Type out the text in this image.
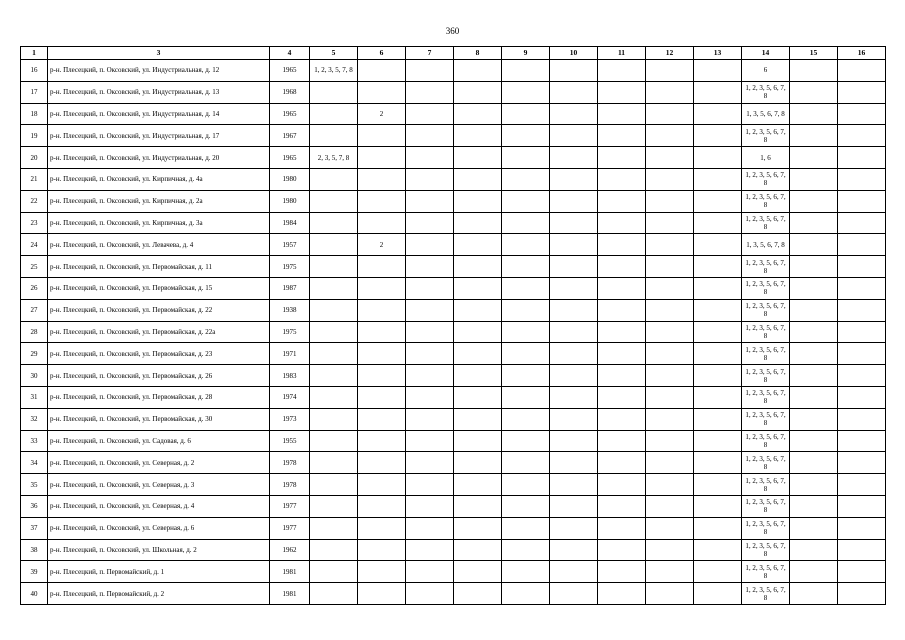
360
1	3	4	5	6	7	8	9	10	11	12	13	14	15	16
16	р-н. Плесецкий, п. Оксовский, ул. Индустриальная, д. 12	1965	1, 2, 3, 5, 7, 8									6		
17	р-н. Плесецкий, п. Оксовский, ул. Индустриальная, д. 13	1968										1, 2, 3, 5, 6, 7, 8		
18	р-н. Плесецкий, п. Оксовский, ул. Индустриальная, д. 14	1965		2								1, 3, 5, 6, 7, 8		
19	р-н. Плесецкий, п. Оксовский, ул. Индустриальная, д. 17	1967										1, 2, 3, 5, 6, 7, 8		
20	р-н. Плесецкий, п. Оксовский, ул. Индустриальная, д. 20	1965	2, 3, 5, 7, 8									1, 6		
21	р-н. Плесецкий, п. Оксовский, ул. Кирпичная, д. 4а	1980										1, 2, 3, 5, 6, 7, 8		
22	р-н. Плесецкий, п. Оксовский, ул. Кирпичная, д. 2а	1980										1, 2, 3, 5, 6, 7, 8		
23	р-н. Плесецкий, п. Оксовский, ул. Кирпичная, д. 3а	1984										1, 2, 3, 5, 6, 7, 8		
24	р-н. Плесецкий, п. Оксовский, ул. Левачева, д. 4	1957		2								1, 3, 5, 6, 7, 8		
25	р-н. Плесецкий, п. Оксовский, ул. Первомайская, д. 11	1975										1, 2, 3, 5, 6, 7, 8		
26	р-н. Плесецкий, п. Оксовский, ул. Первомайская, д. 15	1987										1, 2, 3, 5, 6, 7, 8		
27	р-н. Плесецкий, п. Оксовский, ул. Первомайская, д. 22	1938										1, 2, 3, 5, 6, 7, 8		
28	р-н. Плесецкий, п. Оксовский, ул. Первомайская, д. 22а	1975										1, 2, 3, 5, 6, 7, 8		
29	р-н. Плесецкий, п. Оксовский, ул. Первомайская, д. 23	1971										1, 2, 3, 5, 6, 7, 8		
30	р-н. Плесецкий, п. Оксовский, ул. Первомайская, д. 26	1983										1, 2, 3, 5, 6, 7, 8		
31	р-н. Плесецкий, п. Оксовский, ул. Первомайская, д. 28	1974										1, 2, 3, 5, 6, 7, 8		
32	р-н. Плесецкий, п. Оксовский, ул. Первомайская, д. 30	1973										1, 2, 3, 5, 6, 7, 8		
33	р-н. Плесецкий, п. Оксовский, ул. Садовая, д. 6	1955										1, 2, 3, 5, 6, 7, 8		
34	р-н. Плесецкий, п. Оксовский, ул. Северная, д. 2	1978										1, 2, 3, 5, 6, 7, 8		
35	р-н. Плесецкий, п. Оксовский, ул. Северная, д. 3	1978										1, 2, 3, 5, 6, 7, 8		
36	р-н. Плесецкий, п. Оксовский, ул. Северная, д. 4	1977										1, 2, 3, 5, 6, 7, 8		
37	р-н. Плесецкий, п. Оксовский, ул. Северная, д. 6	1977										1, 2, 3, 5, 6, 7, 8		
38	р-н. Плесецкий, п. Оксовский, ул. Школьная, д. 2	1962										1, 2, 3, 5, 6, 7, 8		
39	р-н. Плесецкий, п. Первомайский, д. 1	1981										1, 2, 3, 5, 6, 7, 8		
40	р-н. Плесецкий, п. Первомайский, д. 2	1981										1, 2, 3, 5, 6, 7, 8		
